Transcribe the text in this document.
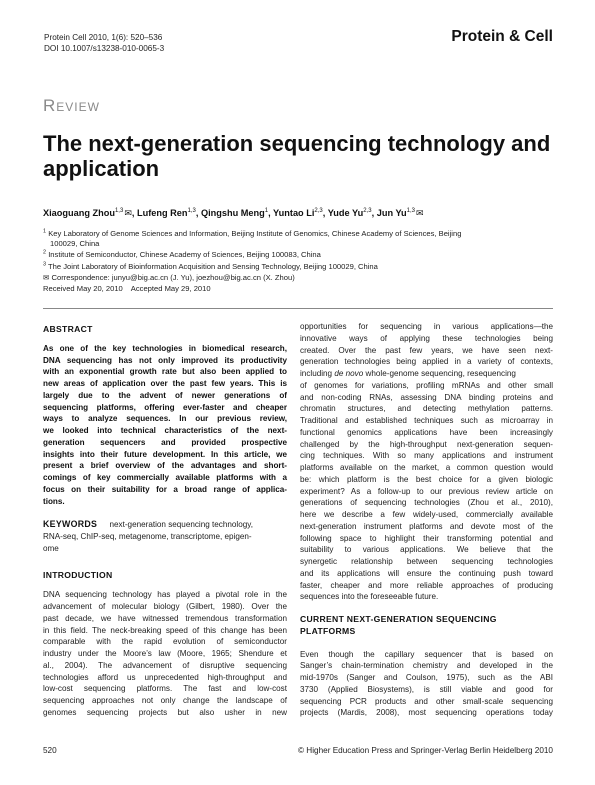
Protein Cell 2010, 1(6): 520–536
DOI 10.1007/s13238-010-0065-3
Protein & Cell
Review
The next-generation sequencing technology and application
Xiaoguang Zhou$^{1,3}$✉, Lufeng Ren$^{1,3}$, Qingshu Meng$^1$, Yuntao Li$^{2,3}$, Yude Yu$^{2,3}$, Jun Yu$^{1,3}$✉
$^1$ Key Laboratory of Genome Sciences and Information, Beijing Institute of Genomics, Chinese Academy of Sciences, Beijing
100029, China
$^2$ Institute of Semiconductor, Chinese Academy of Sciences, Beijing 100083, China
$^3$ The Joint Laboratory of Bioinformation Acquisition and Sensing Technology, Beijing 100029, China
✉ Correspondence: junyu@big.ac.cn (J. Yu), joezhou@big.ac.cn (X. Zhou)
Received May 20, 2010    Accepted May 29, 2010
ABSTRACT
As one of the key technologies in biomedical research,
DNA sequencing has not only improved its productivity
with an exponential growth rate but also been applied to
new areas of application over the past few years. This is
largely due to the advent of newer generations of
sequencing platforms, offering ever-faster and cheaper
ways to analyze sequences. In our previous review,
we looked into technical characteristics of the next-
generation sequencers and provided prospective
insights into their future development. In this article, we
present a brief overview of the advantages and short-
comings of key commercially available platforms with a
focus on their suitability for a broad range of applica-
tions.
KEYWORDS next-generation sequencing technology,
RNA-seq, ChIP-seq, metagenome, transcriptome, epigen-
ome
INTRODUCTION
DNA sequencing technology has played a pivotal role in the
advancement of molecular biology (Gilbert, 1980). Over the
past decade, we have witnessed tremendous transformation
in this field. The neck-breaking speed of this change has been
comparable with the rapid evolution of semiconductor
industry under the Moore’s law (Moore, 1965; Shendure et
al., 2004). The advancement of disruptive sequencing
technologies afford us unprecedented high-throughput and
low-cost sequencing platforms. The fast and low-cost
sequencing approaches not only change the landscape of
genomes sequencing projects but also usher in new
opportunities for sequencing in various applications—the
innovative ways of applying these technologies being
created. Over the past few years, we have seen next-
generation technologies being applied in a variety of contexts,
including de novo whole-genome sequencing, resequencing
of genomes for variations, profiling mRNAs and other small
and non-coding RNAs, assessing DNA binding proteins and
chromatin structures, and detecting methylation patterns.
Traditional and established techniques such as microarray in
functional genomics applications have been increasingly
challenged by the high-throughput next-generation sequen-
cing techniques. With so many applications and instrument
platforms available on the market, a common question would
be: which platform is the best choice for a given biologic
experiment? As a follow-up to our previous review article on
generations of sequencing technologies (Zhou et al., 2010),
here we describe a few widely-used, commercially available
next-generation instrument platforms and devote most of the
following space to highlight their transforming potential and
suitability to various applications. We believe that the
synergetic relationship between sequencing technologies
and its applications will ensure the continuing push toward
faster, cheaper and more reliable approaches of producing
sequences into the foreseeable future.
CURRENT NEXT-GENERATION SEQUENCING
PLATFORMS
Even though the capillary sequencer that is based on
Sanger’s chain-termination chemistry and developed in the
mid-1970s (Sanger and Coulson, 1975), such as the ABI
3730 (Applied Biosystems), is still viable and good for
sequencing PCR products and other small-scale sequencing
projects (Mardis, 2008), most sequencing operations today
520	© Higher Education Press and Springer-Verlag Berlin Heidelberg 2010
